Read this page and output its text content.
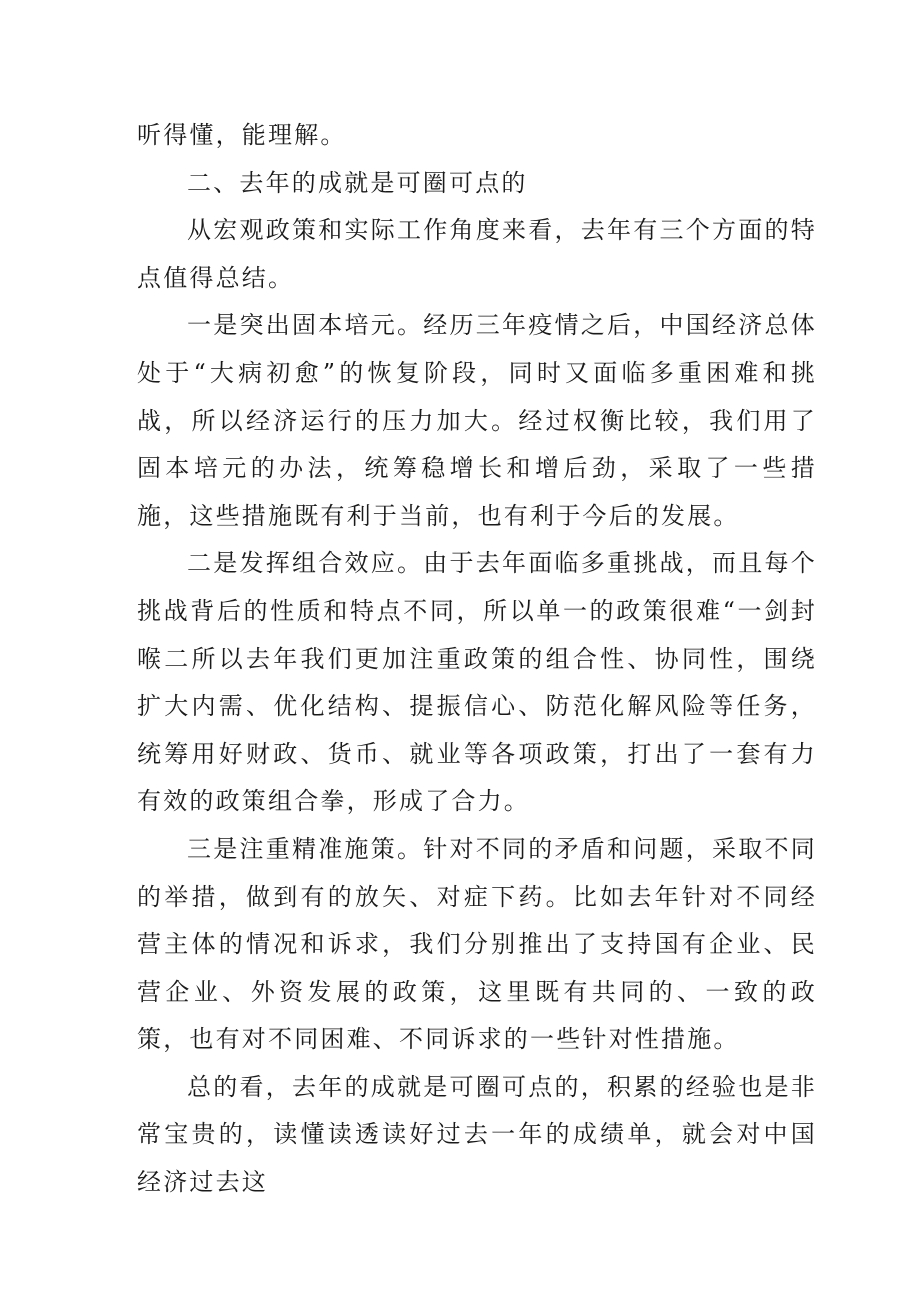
听得懂，能理解。

二、去年的成就是可圈可点的

从宏观政策和实际工作角度来看，去年有三个方面的特点值得总结。

一是突出固本培元。经历三年疫情之后，中国经济总体处于“大病初愈”的恢复阶段，同时又面临多重困难和挑战，所以经济运行的压力加大。经过权衡比较，我们用了固本培元的办法，统筹稳增长和增后劲，采取了一些措施，这些措施既有利于当前，也有利于今后的发展。

二是发挥组合效应。由于去年面临多重挑战，而且每个挑战背后的性质和特点不同，所以单一的政策很难“一剑封喉二所以去年我们更加注重政策的组合性、协同性，围绕扩大内需、优化结构、提振信心、防范化解风险等任务，统筹用好财政、货币、就业等各项政策，打出了一套有力有效的政策组合拳，形成了合力。

三是注重精准施策。针对不同的矛盾和问题，采取不同的举措，做到有的放矢、对症下药。比如去年针对不同经营主体的情况和诉求，我们分别推出了支持国有企业、民营企业、外资发展的政策，这里既有共同的、一致的政策，也有对不同困难、不同诉求的一些针对性措施。

总的看，去年的成就是可圈可点的，积累的经验也是非常宝贵的，读懂读透读好过去一年的成绩单，就会对中国经济过去这
